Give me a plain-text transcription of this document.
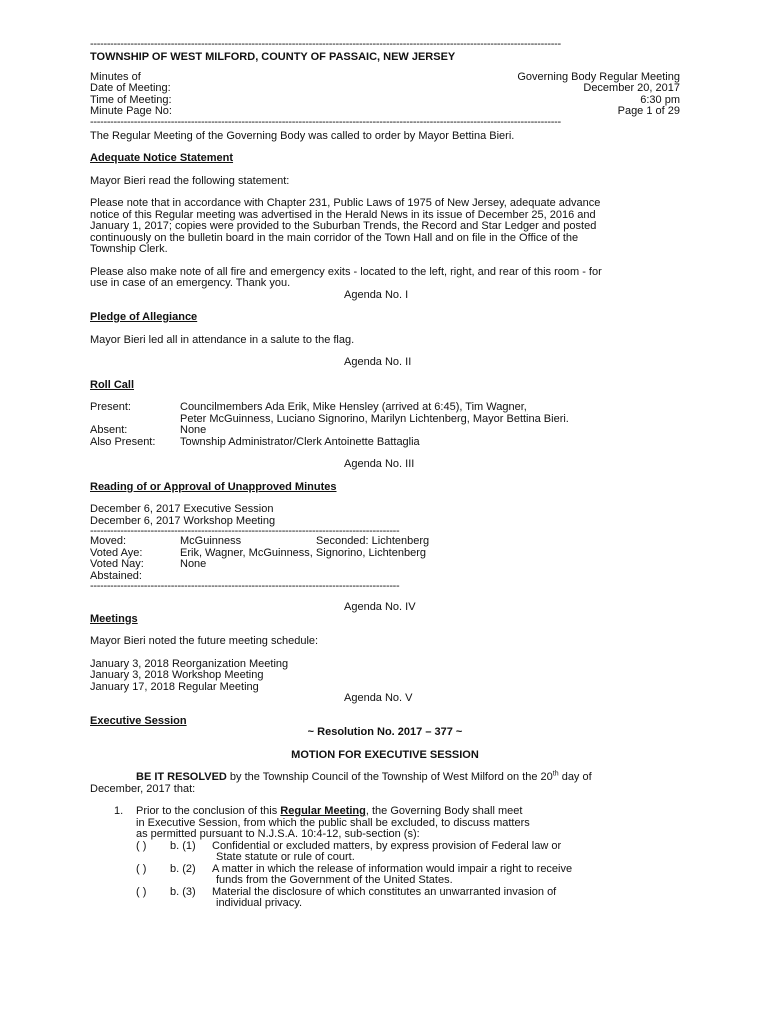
--------------------------------------------------------------------------------------------------------------------------------------------
TOWNSHIP OF WEST MILFORD, COUNTY OF PASSAIC, NEW JERSEY
Minutes of	Governing Body Regular Meeting
Date of Meeting:	December 20, 2017
Time of Meeting:	6:30 pm
Minute Page No:	Page 1 of 29
--------------------------------------------------------------------------------------------------------------------------------------------

The Regular Meeting of the Governing Body was called to order by Mayor Bettina Bieri.

Adequate Notice Statement

Mayor Bieri read the following statement:

Please note that in accordance with Chapter 231, Public Laws of 1975 of New Jersey, adequate advance

notice of this Regular meeting was advertised in the Herald News in its issue of December 25, 2016 and

January 1, 2017; copies were provided to the Suburban Trends, the Record and Star Ledger and posted

continuously on the bulletin board in the main corridor of the Town Hall and on file in the Office of the

Township Clerk.

Please also make note of all fire and emergency exits - located to the left, right, and rear of this room - for

use in case of an emergency. Thank you.

Agenda No. I

Pledge of Allegiance

Mayor Bieri led all in attendance in a salute to the flag.

Agenda No. II

Roll Call

Present:	Councilmembers Ada Erik, Mike Hensley (arrived at 6:45), Tim Wagner,
Peter McGuinness, Luciano Signorino, Marilyn Lichtenberg, Mayor Bettina Bieri.
Absent:	None
Also Present:	Township Administrator/Clerk Antoinette Battaglia

Agenda No. III

Reading of or Approval of Unapproved Minutes

December 6, 2017 Executive Session

December 6, 2017 Workshop Meeting

--------------------------------------------------------------------------------------------
Moved:	McGuinness	Seconded: Lichtenberg
Voted Aye:	Erik, Wagner, McGuinness, Signorino, Lichtenberg
Voted Nay:	None
Abstained:
--------------------------------------------------------------------------------------------

Agenda No. IV

Meetings

Mayor Bieri noted the future meeting schedule:

January 3, 2018 Reorganization Meeting

January 3, 2018 Workshop Meeting

January 17, 2018 Regular Meeting

Agenda No. V

Executive Session

~ Resolution No. 2017 – 377 ~

MOTION FOR EXECUTIVE SESSION

BE IT RESOLVED by the Township Council of the Township of West Milford on the 20th day of

December, 2017 that:

1.	Prior to the conclusion of this Regular Meeting, the Governing Body shall meet
in Executive Session, from which the public shall be excluded, to discuss matters
as permitted pursuant to N.J.S.A. 10:4-12, sub-section (s):
( )	b. (1)	Confidential or excluded matters, by express provision of Federal law or
State statute or rule of court.
( )	b. (2)	A matter in which the release of information would impair a right to receive
funds from the Government of the United States.
( )	b. (3)	Material the disclosure of which constitutes an unwarranted invasion of
individual privacy.
